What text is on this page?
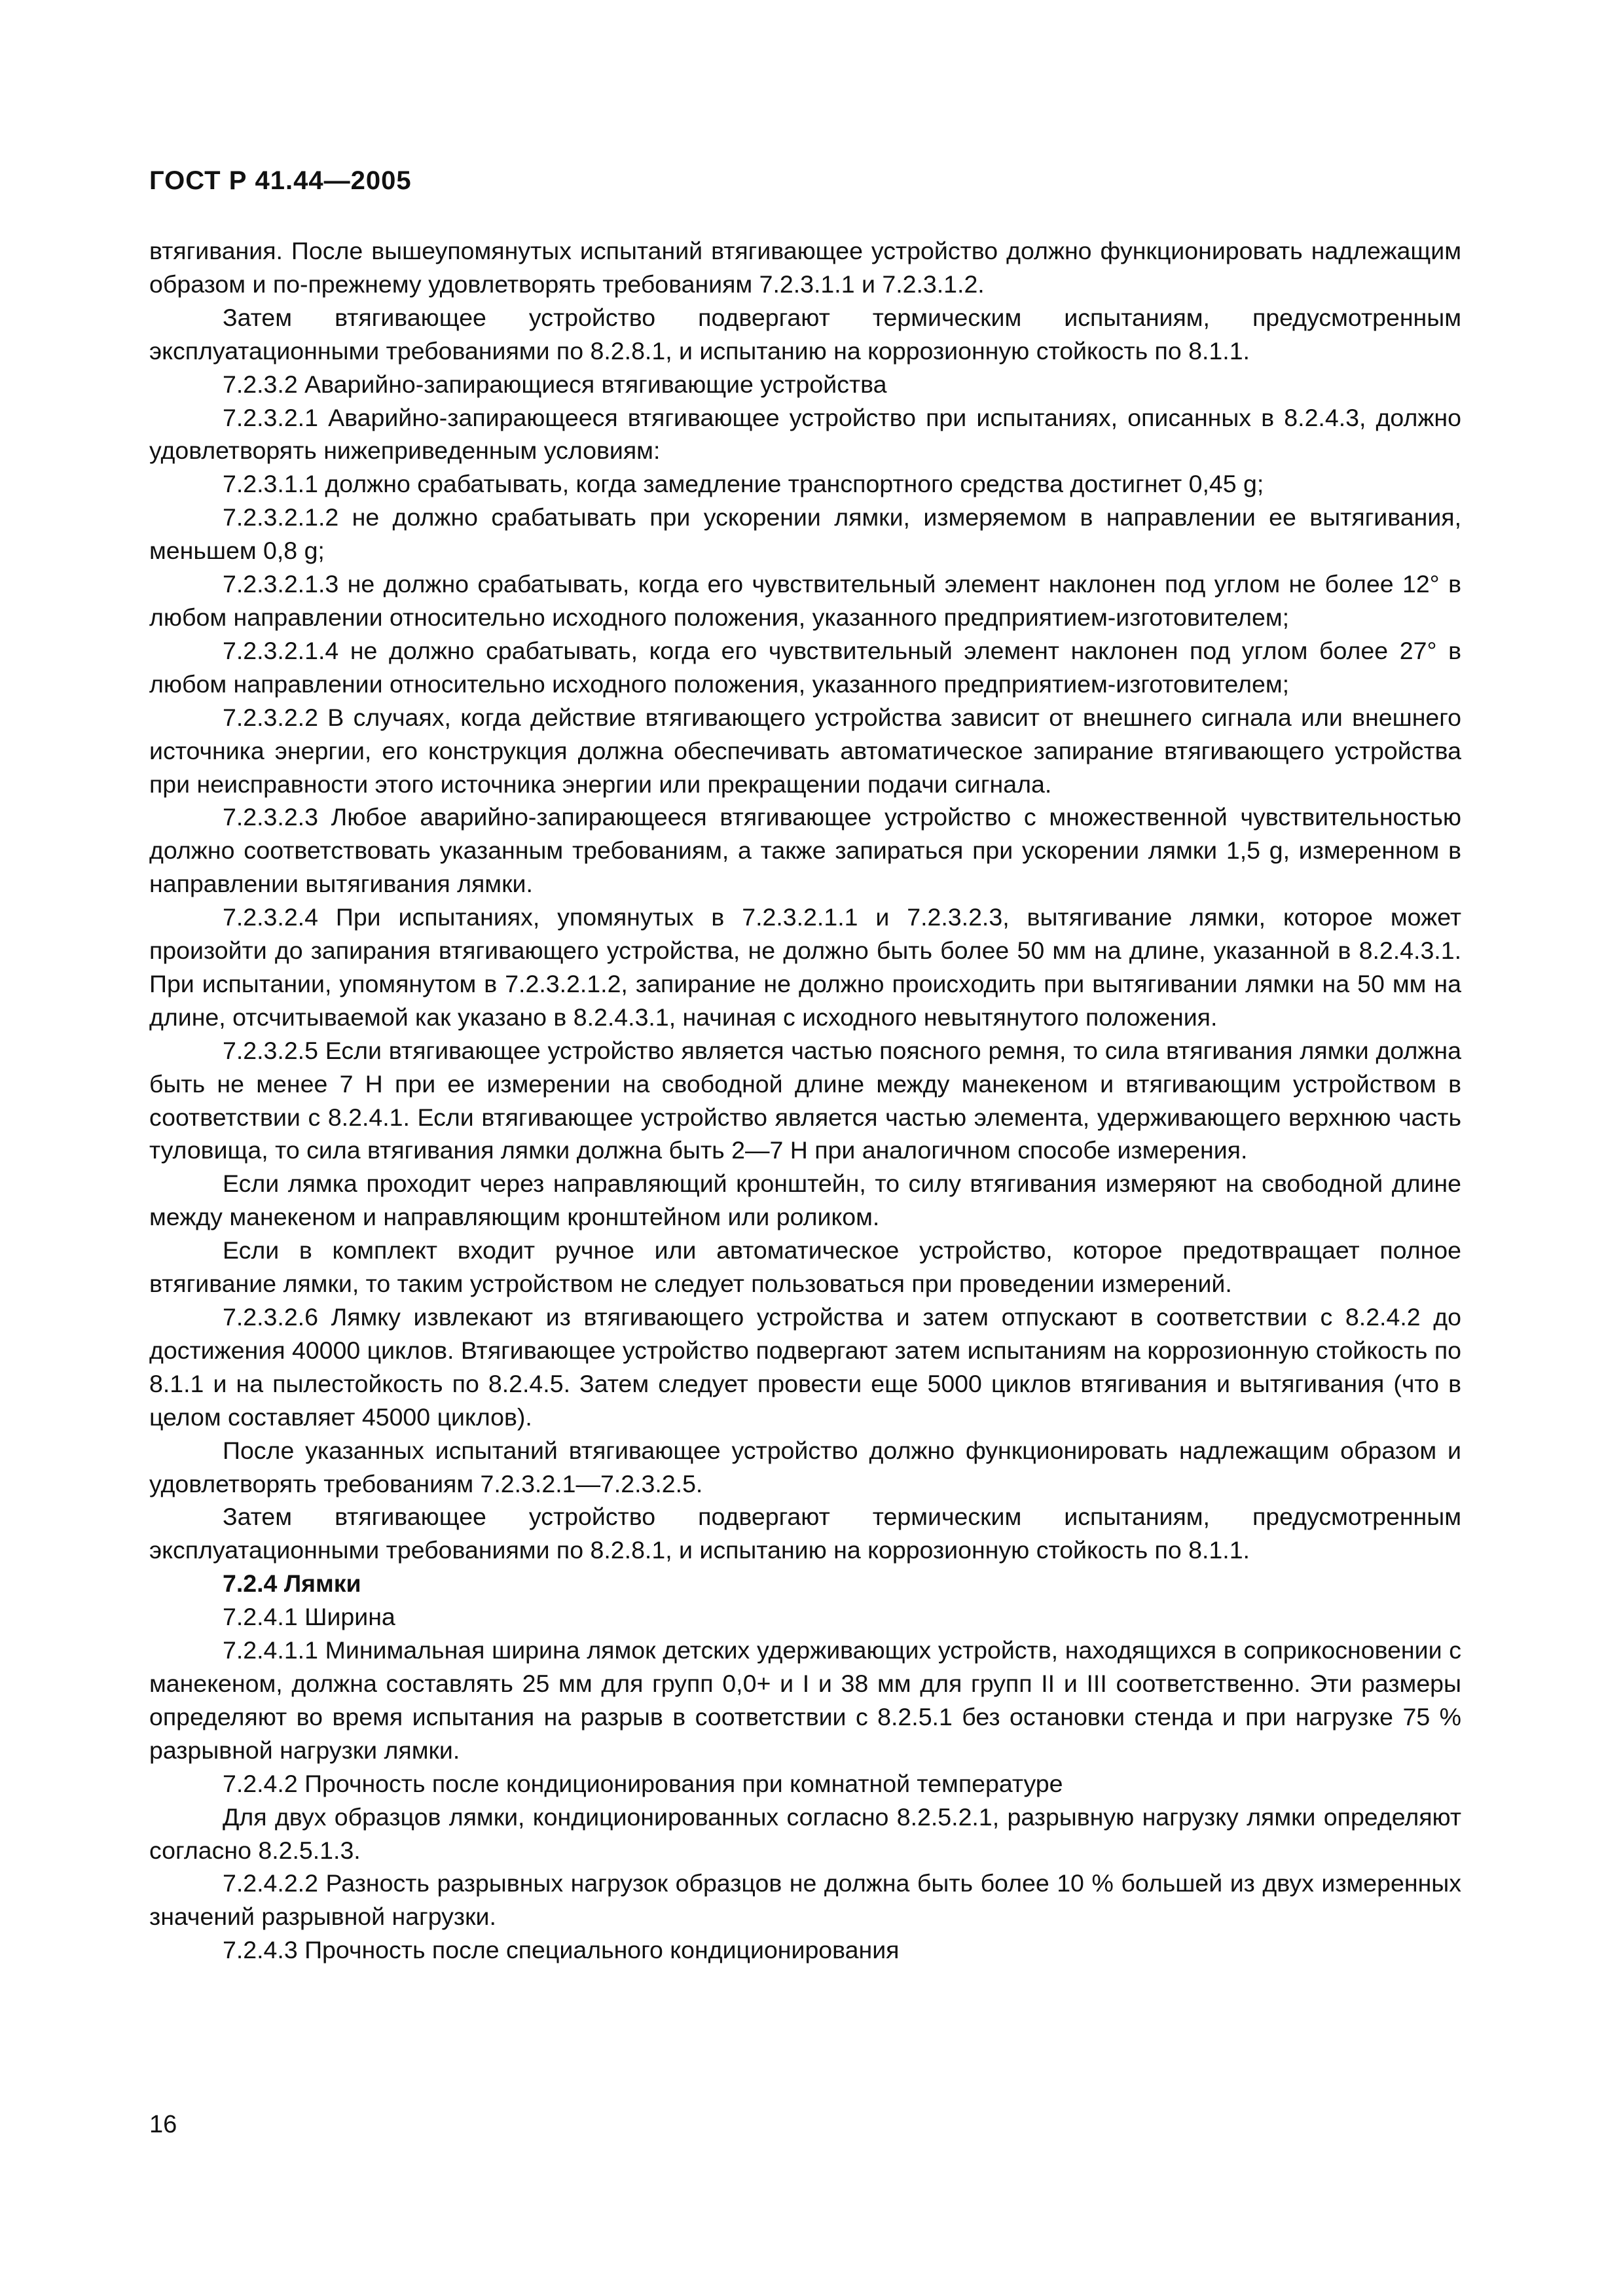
ГОСТ Р 41.44—2005

втягивания. После вышеупомянутых испытаний втягивающее устройство должно функционировать надлежащим образом и по-прежнему удовлетворять требованиям 7.2.3.1.1 и 7.2.3.1.2.

Затем втягивающее устройство подвергают термическим испытаниям, предусмотренным эксплуатационными требованиями по 8.2.8.1, и испытанию на коррозионную стойкость по 8.1.1.

7.2.3.2 Аварийно-запирающиеся втягивающие устройства

7.2.3.2.1 Аварийно-запирающееся втягивающее устройство при испытаниях, описанных в 8.2.4.3, должно удовлетворять нижеприведенным условиям:

7.2.3.1.1 должно срабатывать, когда замедление транспортного средства достигнет 0,45 g;

7.2.3.2.1.2 не должно срабатывать при ускорении лямки, измеряемом в направлении ее вытягивания, меньшем 0,8 g;

7.2.3.2.1.3 не должно срабатывать, когда его чувствительный элемент наклонен под углом не более 12° в любом направлении относительно исходного положения, указанного предприятием-изготовителем;

7.2.3.2.1.4 не должно срабатывать, когда его чувствительный элемент наклонен под углом более 27° в любом направлении относительно исходного положения, указанного предприятием-изготовителем;

7.2.3.2.2 В случаях, когда действие втягивающего устройства зависит от внешнего сигнала или внешнего источника энергии, его конструкция должна обеспечивать автоматическое запирание втягивающего устройства при неисправности этого источника энергии или прекращении подачи сигнала.

7.2.3.2.3 Любое аварийно-запирающееся втягивающее устройство с множественной чувствительностью должно соответствовать указанным требованиям, а также запираться при ускорении лямки 1,5 g, измеренном в направлении вытягивания лямки.

7.2.3.2.4 При испытаниях, упомянутых в 7.2.3.2.1.1 и 7.2.3.2.3, вытягивание лямки, которое может произойти до запирания втягивающего устройства, не должно быть более 50 мм на длине, указанной в 8.2.4.3.1. При испытании, упомянутом в 7.2.3.2.1.2, запирание не должно происходить при вытягивании лямки на 50 мм на длине, отсчитываемой как указано в 8.2.4.3.1, начиная с исходного невытянутого положения.

7.2.3.2.5 Если втягивающее устройство является частью поясного ремня, то сила втягивания лямки должна быть не менее 7 Н при ее измерении на свободной длине между манекеном и втягивающим устройством в соответствии с 8.2.4.1. Если втягивающее устройство является частью элемента, удерживающего верхнюю часть туловища, то сила втягивания лямки должна быть 2—7 Н при аналогичном способе измерения.

Если лямка проходит через направляющий кронштейн, то силу втягивания измеряют на свободной длине между манекеном и направляющим кронштейном или роликом.

Если в комплект входит ручное или автоматическое устройство, которое предотвращает полное втягивание лямки, то таким устройством не следует пользоваться при проведении измерений.

7.2.3.2.6 Лямку извлекают из втягивающего устройства и затем отпускают в соответствии с 8.2.4.2 до достижения 40000 циклов. Втягивающее устройство подвергают затем испытаниям на коррозионную стойкость по 8.1.1 и на пылестойкость по 8.2.4.5. Затем следует провести еще 5000 циклов втягивания и вытягивания (что в целом составляет 45000 циклов).

После указанных испытаний втягивающее устройство должно функционировать надлежащим образом и удовлетворять требованиям 7.2.3.2.1—7.2.3.2.5.

Затем втягивающее устройство подвергают термическим испытаниям, предусмотренным эксплуатационными требованиями по 8.2.8.1, и испытанию на коррозионную стойкость по 8.1.1.

7.2.4 Лямки

7.2.4.1 Ширина

7.2.4.1.1 Минимальная ширина лямок детских удерживающих устройств, находящихся в соприкосновении с манекеном, должна составлять 25 мм для групп 0,0+ и I и 38 мм для групп II и III соответственно. Эти размеры определяют во время испытания на разрыв в соответствии с 8.2.5.1 без остановки стенда и при нагрузке 75 % разрывной нагрузки лямки.

7.2.4.2 Прочность после кондиционирования при комнатной температуре

Для двух образцов лямки, кондиционированных согласно 8.2.5.2.1, разрывную нагрузку лямки определяют согласно 8.2.5.1.3.

7.2.4.2.2 Разность разрывных нагрузок образцов не должна быть более 10 % большей из двух измеренных значений разрывной нагрузки.

7.2.4.3 Прочность после специального кондиционирования

16
